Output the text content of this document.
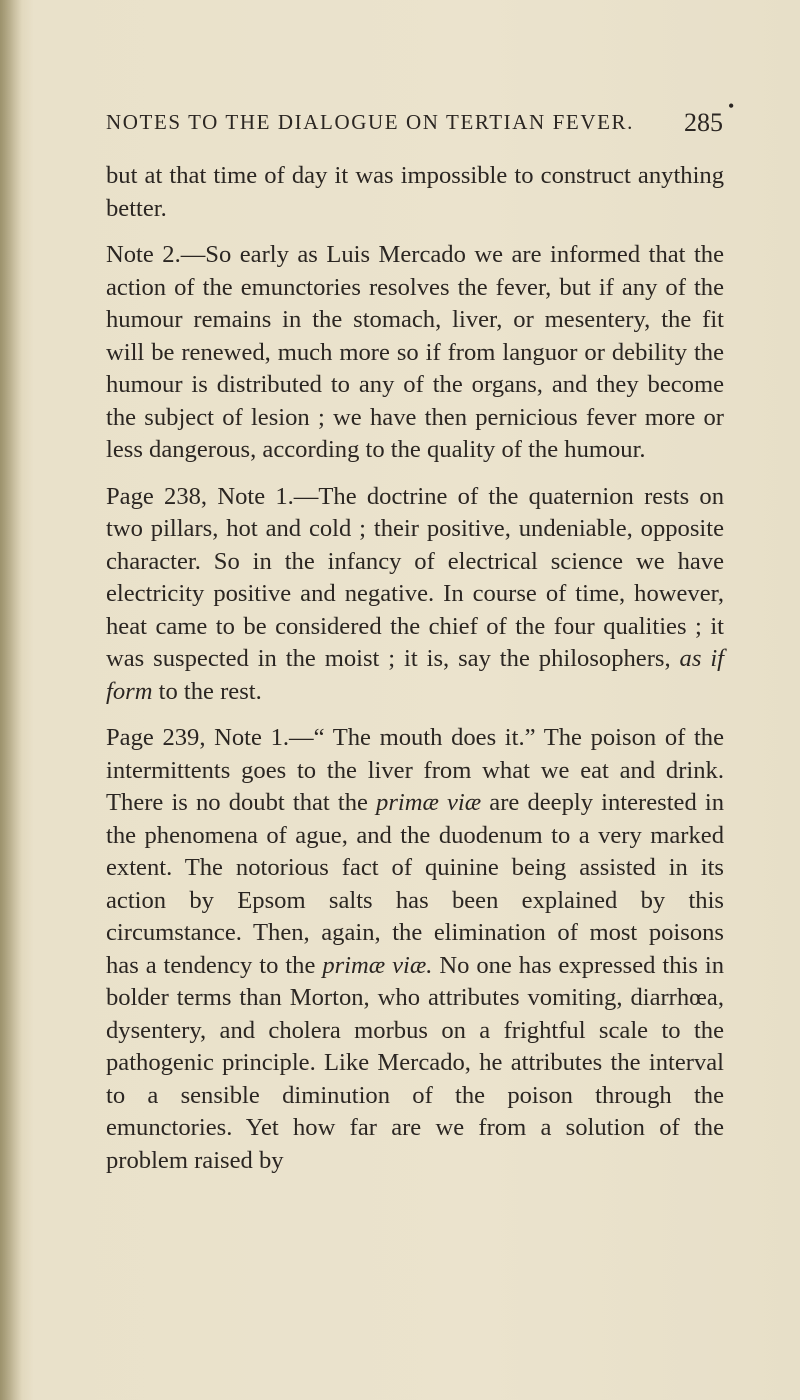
NOTES TO THE DIALOGUE ON TERTIAN FEVER. 285
•

but at that time of day it was impossible to construct anything better.

Note 2.—So early as Luis Mercado we are informed that the action of the emunctories resolves the fever, but if any of the humour remains in the stomach, liver, or mesentery, the fit will be renewed, much more so if from languor or debility the humour is distributed to any of the organs, and they become the subject of lesion ; we have then pernicious fever more or less dangerous, according to the quality of the humour.

Page 238, Note 1.—The doctrine of the quaternion rests on two pillars, hot and cold ; their positive, undeniable, opposite character. So in the infancy of electrical science we have electricity positive and negative. In course of time, however, heat came to be considered the chief of the four qualities ; it was suspected in the moist ; it is, say the philosophers, as if form to the rest.

Page 239, Note 1.—“ The mouth does it.” The poison of the intermittents goes to the liver from what we eat and drink. There is no doubt that the primæ viæ are deeply interested in the phenomena of ague, and the duodenum to a very marked extent. The notorious fact of quinine being assisted in its action by Epsom salts has been explained by this circumstance. Then, again, the elimination of most poisons has a tendency to the primæ viæ. No one has expressed this in bolder terms than Morton, who attributes vomiting, diarrhœa, dysentery, and cholera morbus on a frightful scale to the pathogenic principle. Like Mercado, he attributes the interval to a sensible diminution of the poison through the emunctories. Yet how far are we from a solution of the problem raised by
